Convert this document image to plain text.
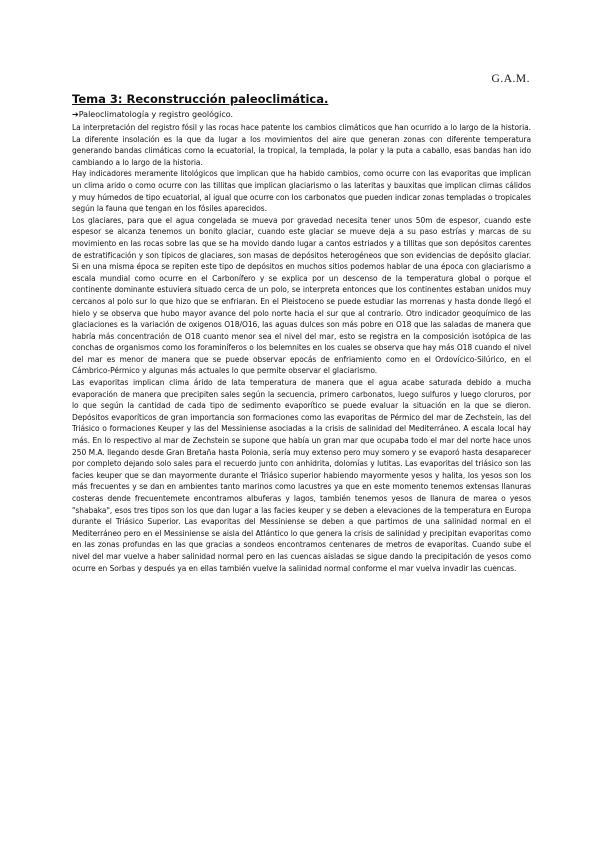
G.A.M.
Tema 3: Reconstrucción paleoclimática.
➔Paleoclimatología y registro geológico.

La interpretación del registro fósil y las rocas hace patente los cambios climáticos que han ocurrido a lo largo de la historia. La diferente insolación es la que da lugar a los movimientos del aire que generan zonas con diferente temperatura generando bandas climáticas como la ecuatorial, la tropical, la templada, la polar y la puta a caballo, esas bandas han ido cambiando a lo largo de la historia.

Hay indicadores meramente litológicos que implican que ha habido cambios, como ocurre con las evaporitas que implican un clima arido o como ocurre con las tillitas que implican glaciarismo o las lateritas y bauxitas que implican climas cálidos y muy húmedos de tipo ecuatorial, al igual que ocurre con los carbonatos que pueden indicar zonas templadas o tropicales según la fauna que tengan en los fósiles aparecidos.

Los glaciares, para que el agua congelada se mueva por gravedad necesita tener unos 50m de espesor, cuando este espesor se alcanza tenemos un bonito glaciar, cuando este glaciar se mueve deja a su paso estrías y marcas de su movimiento en las rocas sobre las que se ha movido dando lugar a cantos estriados y a tillitas que son depósitos carentes de estratificación y son típicos de glaciares, son masas de depósitos heterogéneos que son evidencias de depósito glaciar. Si en una misma época se repiten este tipo de depósitos en muchos sitios podemos hablar de una época con glaciarismo a escala mundial como ocurre en el Carbonífero y se explica por un descenso de la temperatura global o porque el continente dominante estuviera situado cerca de un polo, se interpreta entonces que los continentes estaban unidos muy cercanos al polo sur lo que hizo que se enfriaran. En el Pleistoceno se puede estudiar las morrenas y hasta donde llegó el hielo y se observa que hubo mayor avance del polo norte hacia el sur que al contrario. Otro indicador geoquímico de las glaciaciones es la variación de oxigenos O18/O16, las aguas dulces son más pobre en O18 que las saladas de manera que habría más concentración de O18 cuanto menor sea el nivel del mar, esto se registra en la composición isotópica de las conchas de organismos como los foraminíferos o los belemnites en los cuales se observa que hay más O18 cuando el nivel del mar es menor de manera que se puede observar epocás de enfriamiento como en el Ordovícico-Silúrico, en el Cámbrico-Pérmico y algunas más actuales lo que permite observar el glaciarismo.

Las evaporitas implican clima árido de lata temperatura de manera que el agua acabe saturada debido a mucha evaporación de manera que precipiten sales según la secuencia, primero carbonatos, luego sulfuros y luego cloruros, por lo que según la cantidad de cada tipo de sedimento evaporítico se puede evaluar la situación en la que se dieron. Depósitos evaporíticos de gran importancia son formaciones como las evaporitas de Pérmico del mar de Zechstein, las del Triásico o formaciones Keuper y las del Messiniense asociadas a la crisis de salinidad del Mediterráneo. A escala local hay más. En lo respectivo al mar de Zechstein se supone que había un gran mar que ocupaba todo el mar del norte hace unos 250 M.A. llegando desde Gran Bretaña hasta Polonia, sería muy extenso pero muy somero y se evaporó hasta desaparecer por completo dejando solo sales para el recuerdo junto con anhidrita, dolomías y lutitas. Las evaporitas del triásico son las facies keuper que se dan mayormente durante el Triásico superior habiendo mayormente yesos y halita, los yesos son los más frecuentes y se dan en ambientes tanto marinos como lacustres ya que en este momento tenemos extensas llanuras costeras dende frecuentemete encontramos albuferas y lagos, también tenemos yesos de llanura de marea o yesos "shabaka", esos tres tipos son los que dan lugar a las facies keuper y se deben a elevaciones de la temperatura en Europa durante el Triásico Superior. Las evaporitas del Messiniense se deben a que partimos de una salinidad normal en el Mediterráneo pero en el Messiniense se aisla del Atlántico lo que genera la crisis de salinidad y precipitan evaporitas como en las zonas profundas en las que gracias a sondeos encontramos centenares de metros de evaporitas. Cuando sube el nivel del mar vuelve a haber salinidad normal pero en las cuencas aisladas se sigue dando la precipitación de yesos como ocurre en Sorbas y después ya en ellas también vuelve la salinidad normal conforme el mar vuelva invadir las cuencas.
